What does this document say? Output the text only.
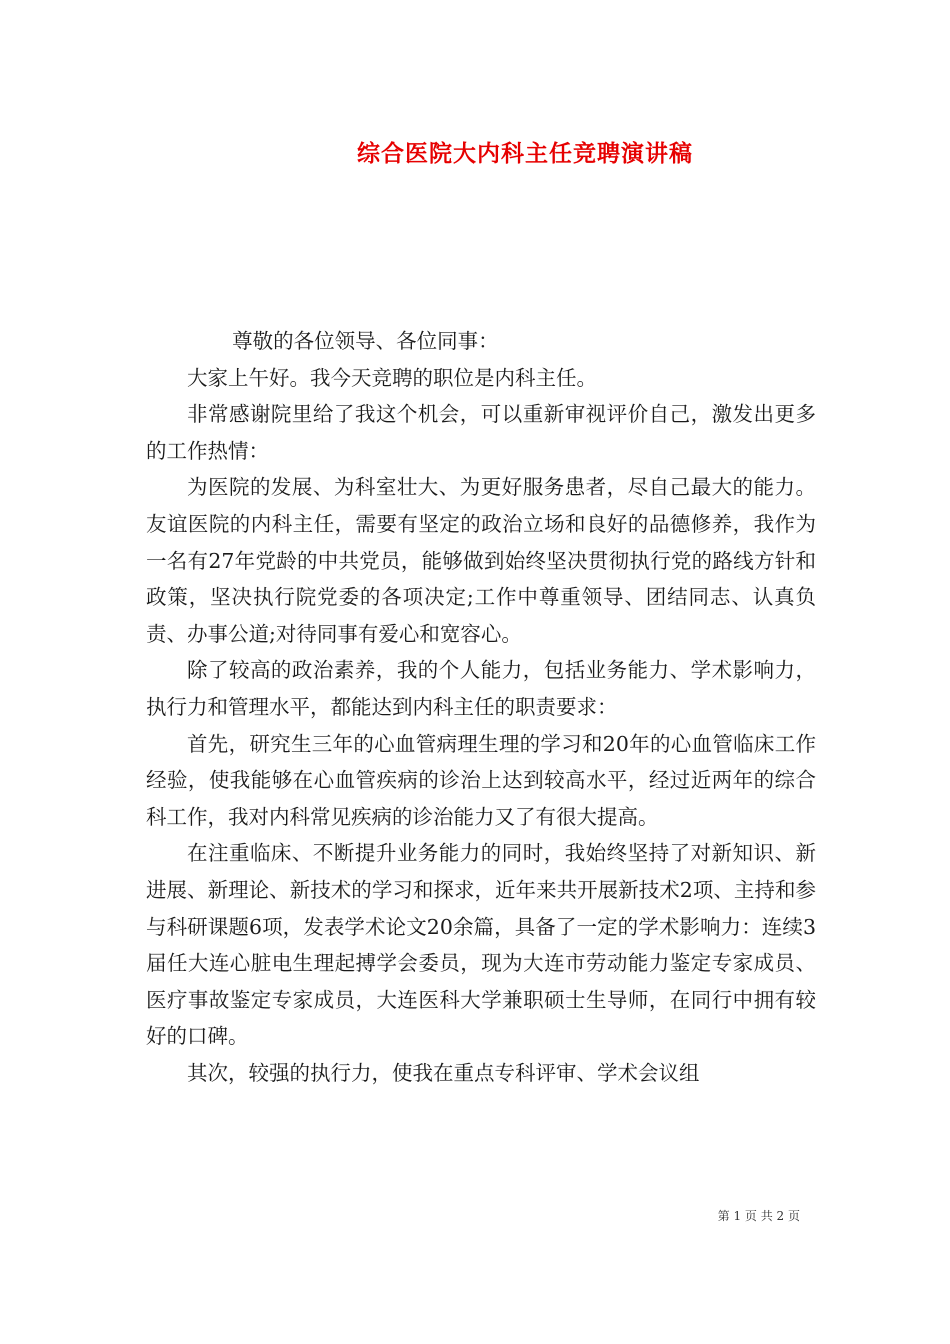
综合医院大内科主任竞聘演讲稿

尊敬的各位领导、各位同事：

大家上午好。我今天竞聘的职位是内科主任。

非常感谢院里给了我这个机会，可以重新审视评价自己，激发出更多的工作热情：

为医院的发展、为科室壮大、为更好服务患者，尽自己最大的能力。友谊医院的内科主任，需要有坚定的政治立场和良好的品德修养，我作为一名有27年党龄的中共党员，能够做到始终坚决贯彻执行党的路线方针和政策，坚决执行院党委的各项决定;工作中尊重领导、团结同志、认真负责、办事公道;对待同事有爱心和宽容心。

除了较高的政治素养，我的个人能力，包括业务能力、学术影响力，执行力和管理水平，都能达到内科主任的职责要求：

首先，研究生三年的心血管病理生理的学习和20年的心血管临床工作经验，使我能够在心血管疾病的诊治上达到较高水平，经过近两年的综合科工作，我对内科常见疾病的诊治能力又了有很大提高。

在注重临床、不断提升业务能力的同时，我始终坚持了对新知识、新进展、新理论、新技术的学习和探求，近年来共开展新技术2项、主持和参与科研课题6项，发表学术论文20余篇，具备了一定的学术影响力：连续3届任大连心脏电生理起搏学会委员，现为大连市劳动能力鉴定专家成员、医疗事故鉴定专家成员，大连医科大学兼职硕士生导师，在同行中拥有较好的口碑。

其次，较强的执行力，使我在重点专科评审、学术会议组

第 1 页 共 2 页
